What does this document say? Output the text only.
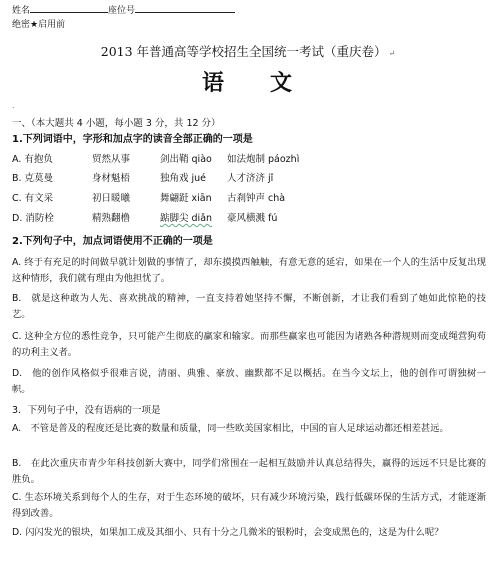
姓名	座位号
绝密★启用前
2013 年普通高等学校招生全国统一考试（重庆卷） ↵
语 文
.
一、（本大题共 4 小题，每小题 3 分，共 12 分）
1.下列词语中，字形和加点字的读音全部正确的一项是
A. 有抱负	贸然从事	剑出鞘 qiào 如法炮制 páozhì
B. 克莫曼	身材魁梧	独角戏 jué 人才济济 jǐ
C. 有文采	初日暖曦	舞翩跹 xiān 古刹钟声 chà
D. 消防栓	精熟翻橹	踮脚尖 diǎn 豪风横溅 fú
2.下列句子中，加点词语使用不正确的一项是
A. 终于有充足的时间做早就计划做的事情了，却东摸摸西触触，有意无意的延宕，如果在一个人的生活中反复出现这种情形，我们就有理由为他担忧了。
B.　就是这种敢为人先、喜欢挑战的精神，一直支持着她坚持不懈，不断创新，才让我们看到了她如此惊艳的技艺。
C. 这种全方位的悉性竞争，只可能产生彻底的赢家和输家。而那些赢家也可能因为诸熟各种潜规则而变成绳营狗苟的功利主义者。
D.　他的创作风格似乎很难言说，清丽、典雅、豪放、幽默都不足以概括。在当今文坛上，他的创作可谓独树一帜。
3．下列句子中，没有语病的一项是
A.　不管是普及的程度还是比赛的数量和质量，同一些欧美国家相比，中国的盲人足球运动都还相差甚远。
B.　在此次重庆市青少年科技创新大赛中，同学们常围在一起相互鼓励并认真总结得失，赢得的远远不只是比赛的胜负。
C. 生态环境关系到每个人的生存，对于生态环境的破坏，只有减少环境污染，践行低碳环保的生活方式，才能逐渐得到改善。
D. 闪闪发光的银块，如果加工成及其细小、只有十分之几微米的银粉时，会变成黑色的，这是为什么呢？
